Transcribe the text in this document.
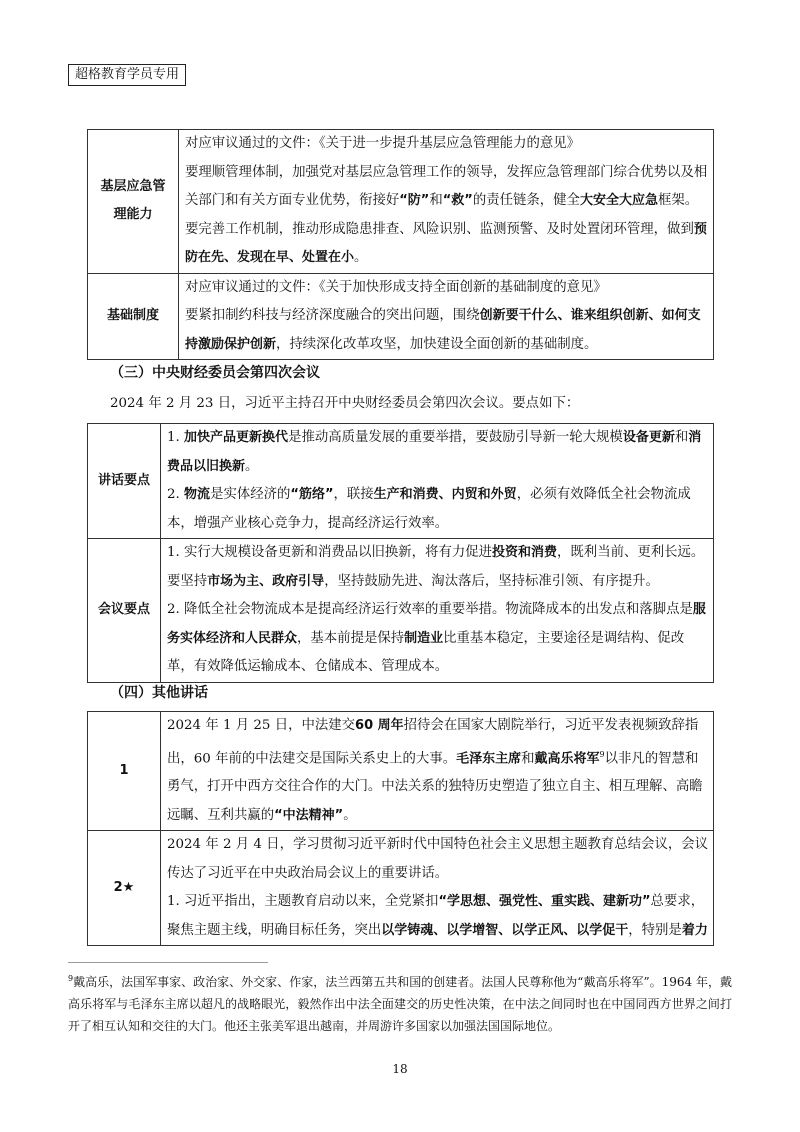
超格教育学员专用
基层应急管理能力	对应审议通过的文件：《关于进一步提升基层应急管理能力的意见》
要理顺管理体制，加强党对基层应急管理工作的领导，发挥应急管理部门综合优势以及相关部门和有关方面专业优势，衔接好“防”和“救”的责任链条，健全大安全大应急框架。要完善工作机制，推动形成隐患排查、风险识别、监测预警、及时处置闭环管理，做到预防在先、发现在早、处置在小。

基础制度	对应审议通过的文件：《关于加快形成支持全面创新的基础制度的意见》
要紧扣制约科技与经济深度融合的突出问题，围绕创新要干什么、谁来组织创新、如何支持激励保护创新，持续深化改革攻坚，加快建设全面创新的基础制度。
（三）中央财经委员会第四次会议
2024 年 2 月 23 日，习近平主持召开中央财经委员会第四次会议。要点如下：
讲话要点	1. 加快产品更新换代是推动高质量发展的重要举措，要鼓励引导新一轮大规模设备更新和消费品以旧换新。
2. 物流是实体经济的“筋络”，联接生产和消费、内贸和外贸，必须有效降低全社会物流成本，增强产业核心竞争力，提高经济运行效率。

会议要点	1. 实行大规模设备更新和消费品以旧换新，将有力促进投资和消费，既利当前、更利长远。要坚持市场为主、政府引导，坚持鼓励先进、淘汰落后，坚持标准引领、有序提升。
2. 降低全社会物流成本是提高经济运行效率的重要举措。物流降成本的出发点和落脚点是服务实体经济和人民群众，基本前提是保持制造业比重基本稳定，主要途径是调结构、促改革，有效降低运输成本、仓储成本、管理成本。
（四）其他讲话
1	2024 年 1 月 25 日，中法建交60 周年招待会在国家大剧院举行，习近平发表视频致辞指出，60 年前的中法建交是国际关系史上的大事。毛泽东主席和戴高乐将军$^9$以非凡的智慧和勇气，打开中西方交往合作的大门。中法关系的独特历史塑造了独立自主、相互理解、高瞻远瞩、互利共赢的“中法精神”。

2★	2024 年 2 月 4 日，学习贯彻习近平新时代中国特色社会主义思想主题教育总结会议，会议传达了习近平在中央政治局会议上的重要讲话。
1. 习近平指出，主题教育启动以来，全党紧扣“学思想、强党性、重实践、建新功”总要求，聚焦主题主线，明确目标任务，突出以学铸魂、以学增智、以学正风、以学促干，特别是着力
$^9$戴高乐，法国军事家、政治家、外交家、作家，法兰西第五共和国的创建者。法国人民尊称他为“戴高乐将军”。1964 年，戴高乐将军与毛泽东主席以超凡的战略眼光，毅然作出中法全面建交的历史性决策，在中法之间同时也在中国同西方世界之间打开了相互认知和交往的大门。他还主张美军退出越南，并周游许多国家以加强法国国际地位。
18
